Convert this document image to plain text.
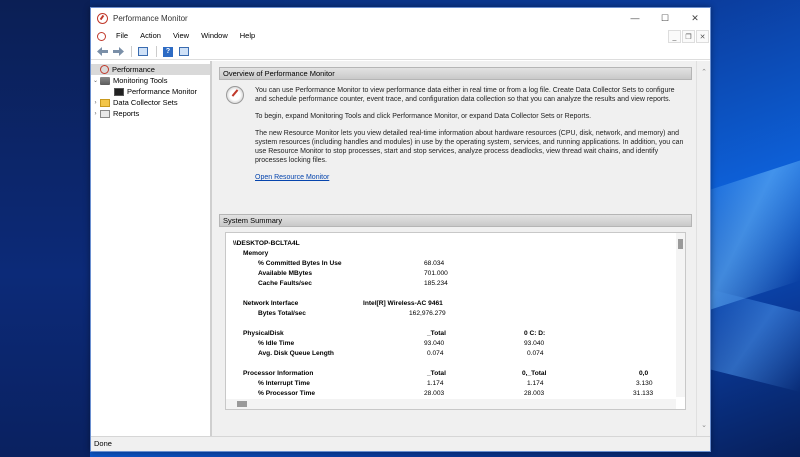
Performance Monitor	—	☐	✕
File	Action	View	Window	Help	_	❐	✕
?
Performance
⌄ Monitoring Tools
Performance Monitor
›	Data Collector Sets
›	Reports
Overview of Performance Monitor
You can use Performance Monitor to view performance data either in real time or from a log file. Create Data Collector Sets to configure and schedule performance counter, event trace, and configuration data collection so that you can analyze the results and view reports.
To begin, expand Monitoring Tools and click Performance Monitor, or expand Data Collector Sets or Reports.
The new Resource Monitor lets you view detailed real-time information about hardware resources (CPU, disk, network, and memory) and system resources (including handles and modules) in use by the operating system, services, and running applications. In addition, you can use Resource Monitor to stop processes, start and stop services, analyze process deadlocks, view thread wait chains, and identify processes locking files.
Open Resource Monitor
System Summary
\\DESKTOP-BCLTA4L
Memory
% Committed Bytes In Use	68.034
Available MBytes	701.000
Cache Faults/sec	185.234
Network Interface	Intel[R] Wireless-AC 9461
Bytes Total/sec	162,976.279
PhysicalDisk	_Total	0 C: D:
% Idle Time	93.040	93.040
Avg. Disk Queue Length	0.074	0.074
Processor Information	_Total	0,_Total	0,0
% Interrupt Time	1.174	1.174	3.130
% Processor Time	28.003	28.003	31.133
⌃
⌄
Done
